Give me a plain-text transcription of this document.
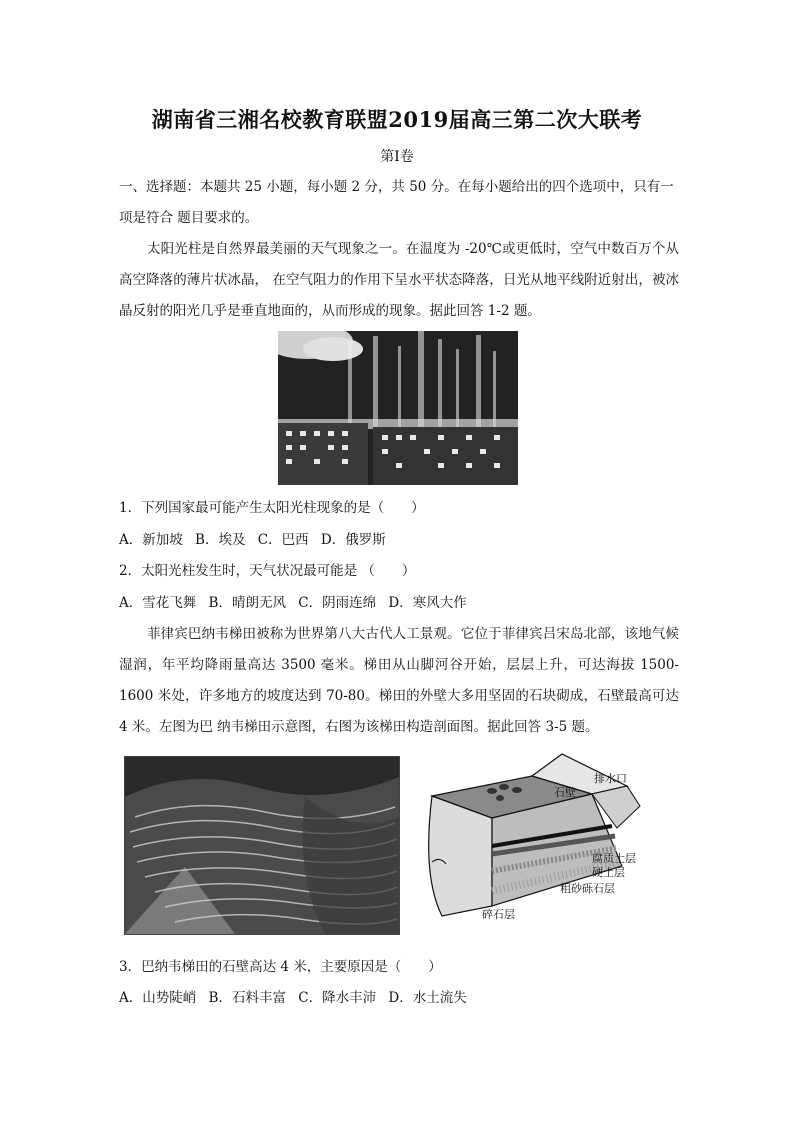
湖南省三湘名校教育联盟2019届高三第二次大联考
第I卷
一、选择题：本题共 25 小题，每小题 2 分，共 50 分。在每小题给出的四个选项中，只有一
项是符合 题目要求的。
太阳光柱是自然界最美丽的天气现象之一。在温度为 -20℃或更低时，空气中数百万个从高空降落的薄片状冰晶， 在空气阻力的作用下呈水平状态降落，日光从地平线附近射出，被冰晶反射的阳光几乎是垂直地面的，从而形成的现象。据此回答 1-2 题。
1．下列国家最可能产生太阳光柱现象的是（　　）
A．新加坡 B．埃及 C．巴西 D．俄罗斯
2．太阳光柱发生时，天气状况最可能是 （　　）
A．雪花飞舞 B．晴朗无风 C．阴雨连绵 D．寒风大作
菲律宾巴纳韦梯田被称为世界第八大古代人工景观。它位于菲律宾吕宋岛北部，该地气候湿润，年平均降雨量高达 3500 毫米。梯田从山脚河谷开始，层层上升，可达海拔 1500-1600 米处，许多地方的坡度达到 70-80。梯田的外壁大多用坚固的石块砌成，石壁最高可达 4 米。左图为巴 纳韦梯田示意图，右图为该梯田构造剖面图。据此回答 3-5 题。
排水口
石壁
腐质土层
硬土层
粗砂砾石层
碎石层
3．巴纳韦梯田的石壁高达 4 米，主要原因是（　　）
A．山势陡峭 B．石料丰富 C．降水丰沛 D．水土流失
